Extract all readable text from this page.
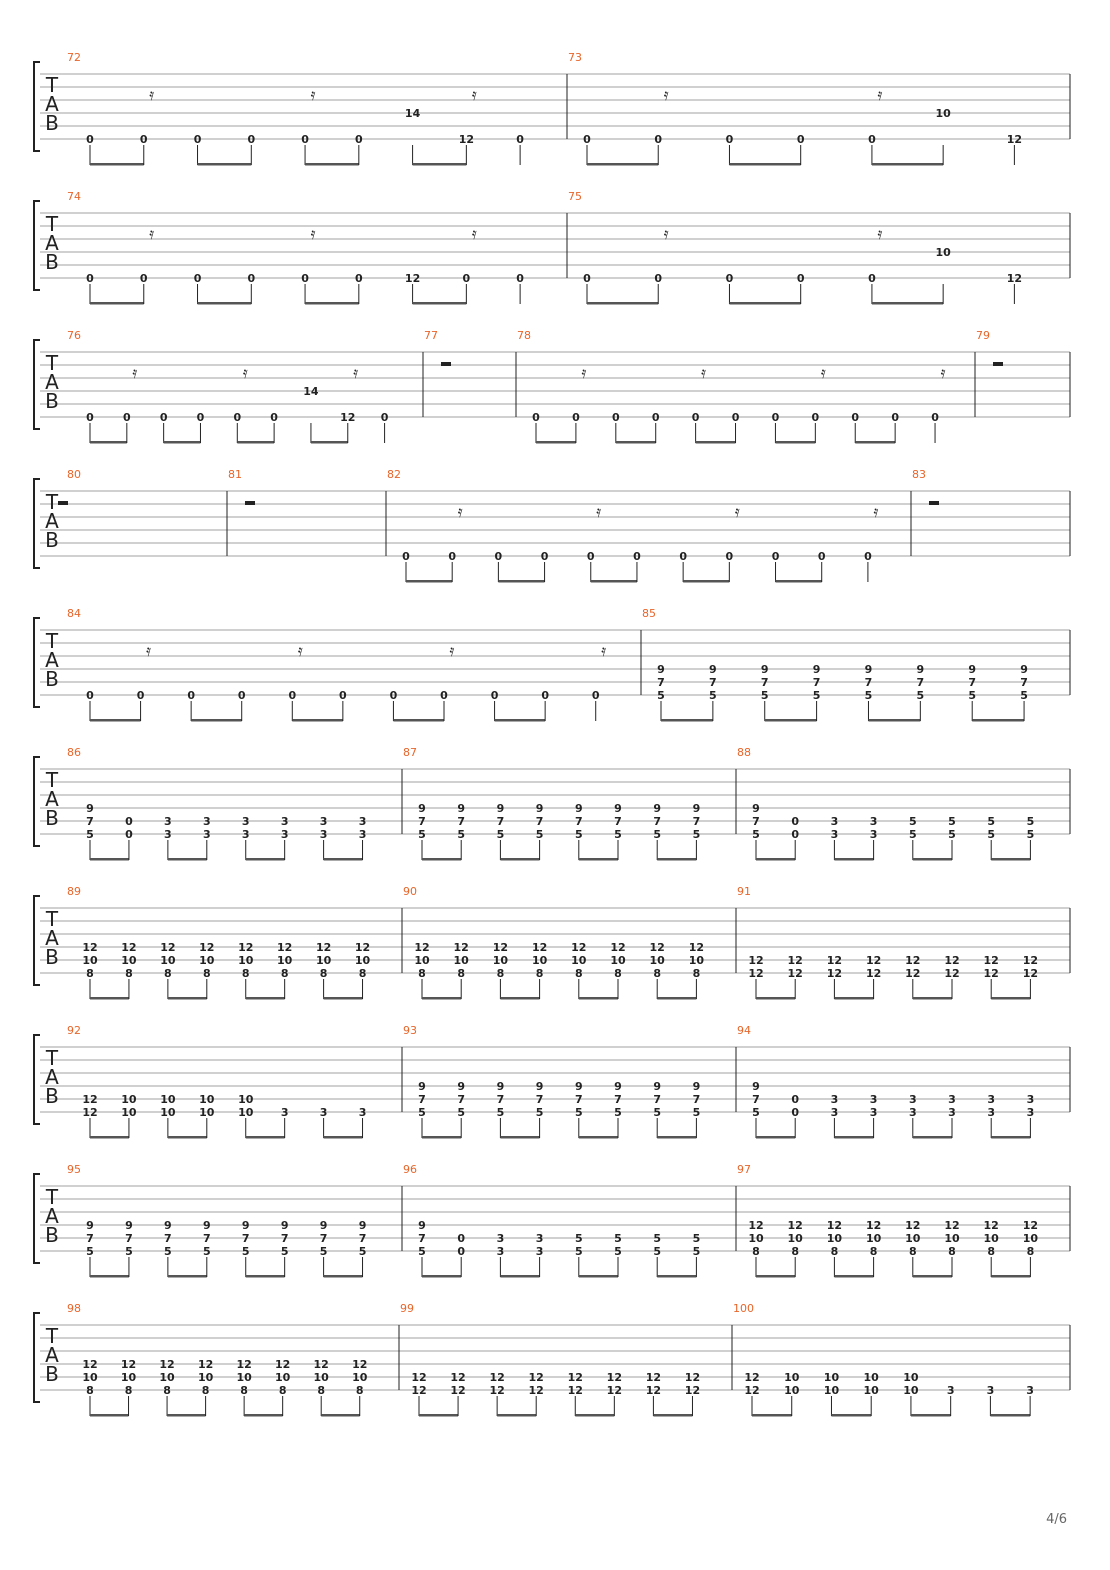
T
A
B
72
0	0
𝄿
0	0	0
𝄿
0
14
12
𝄿
0
73
0	0
𝄿
0	0	0
𝄿
10
12
T
A
B
74
0	0
𝄿
0	0	0
𝄿
0	12	0
𝄿
0
75
0	0
𝄿
0	0	0
𝄿
10
12
T
A
B
76
0	0
𝄿
0	0	0
𝄿
0
14
12
𝄿
0
77	78
0	0
𝄿
0	0	0
𝄿
0	0	0
𝄿
0	0	0
𝄿
79
T
A
B
80	81	82
0	0
𝄿
0	0	0
𝄿
0	0	0
𝄿
0	0	0
𝄿
83
T
A
B
84
0	0
𝄿
0	0	0
𝄿
0	0	0
𝄿
0	0	0
𝄿
85
9
7
5
9
7
5
9
7
5
9
7
5
9
7
5
9
7
5
9
7
5
9
7
5
T
A
B
86
9
7
5
0
0
3
3
3
3
3
3
3
3
3
3
3
3
87
9
7
5
9
7
5
9
7
5
9
7
5
9
7
5
9
7
5
9
7
5
9
7
5
88
9
7
5
0
0
3
3
3
3
5
5
5
5
5
5
5
5
T
A
B
89
12
10
8
12
10
8
12
10
8
12
10
8
12
10
8
12
10
8
12
10
8
12
10
8
90
12
10
8
12
10
8
12
10
8
12
10
8
12
10
8
12
10
8
12
10
8
12
10
8
91
12
12
12
12
12
12
12
12
12
12
12
12
12
12
12
12
T
A
B
92
12
12
10
10
10
10
10
10
10
10 3	3	3
93
9
7
5
9
7
5
9
7
5
9
7
5
9
7
5
9
7
5
9
7
5
9
7
5
94
9
7
5
0
0
3
3
3
3
3
3
3
3
3
3
3
3
T
A
B
95
9
7
5
9
7
5
9
7
5
9
7
5
9
7
5
9
7
5
9
7
5
9
7
5
96
9
7
5
0
0
3
3
3
3
5
5
5
5
5
5
5
5
97
12
10
8
12
10
8
12
10
8
12
10
8
12
10
8
12
10
8
12
10
8
12
10
8
T
A
B
98
12
10
8
12
10
8
12
10
8
12
10
8
12
10
8
12
10
8
12
10
8
12
10
8
99
12
12
12
12
12
12
12
12
12
12
12
12
12
12
12
12
100
12
12
10
10
10
10
10
10
10
10	3	3	3
4/6
